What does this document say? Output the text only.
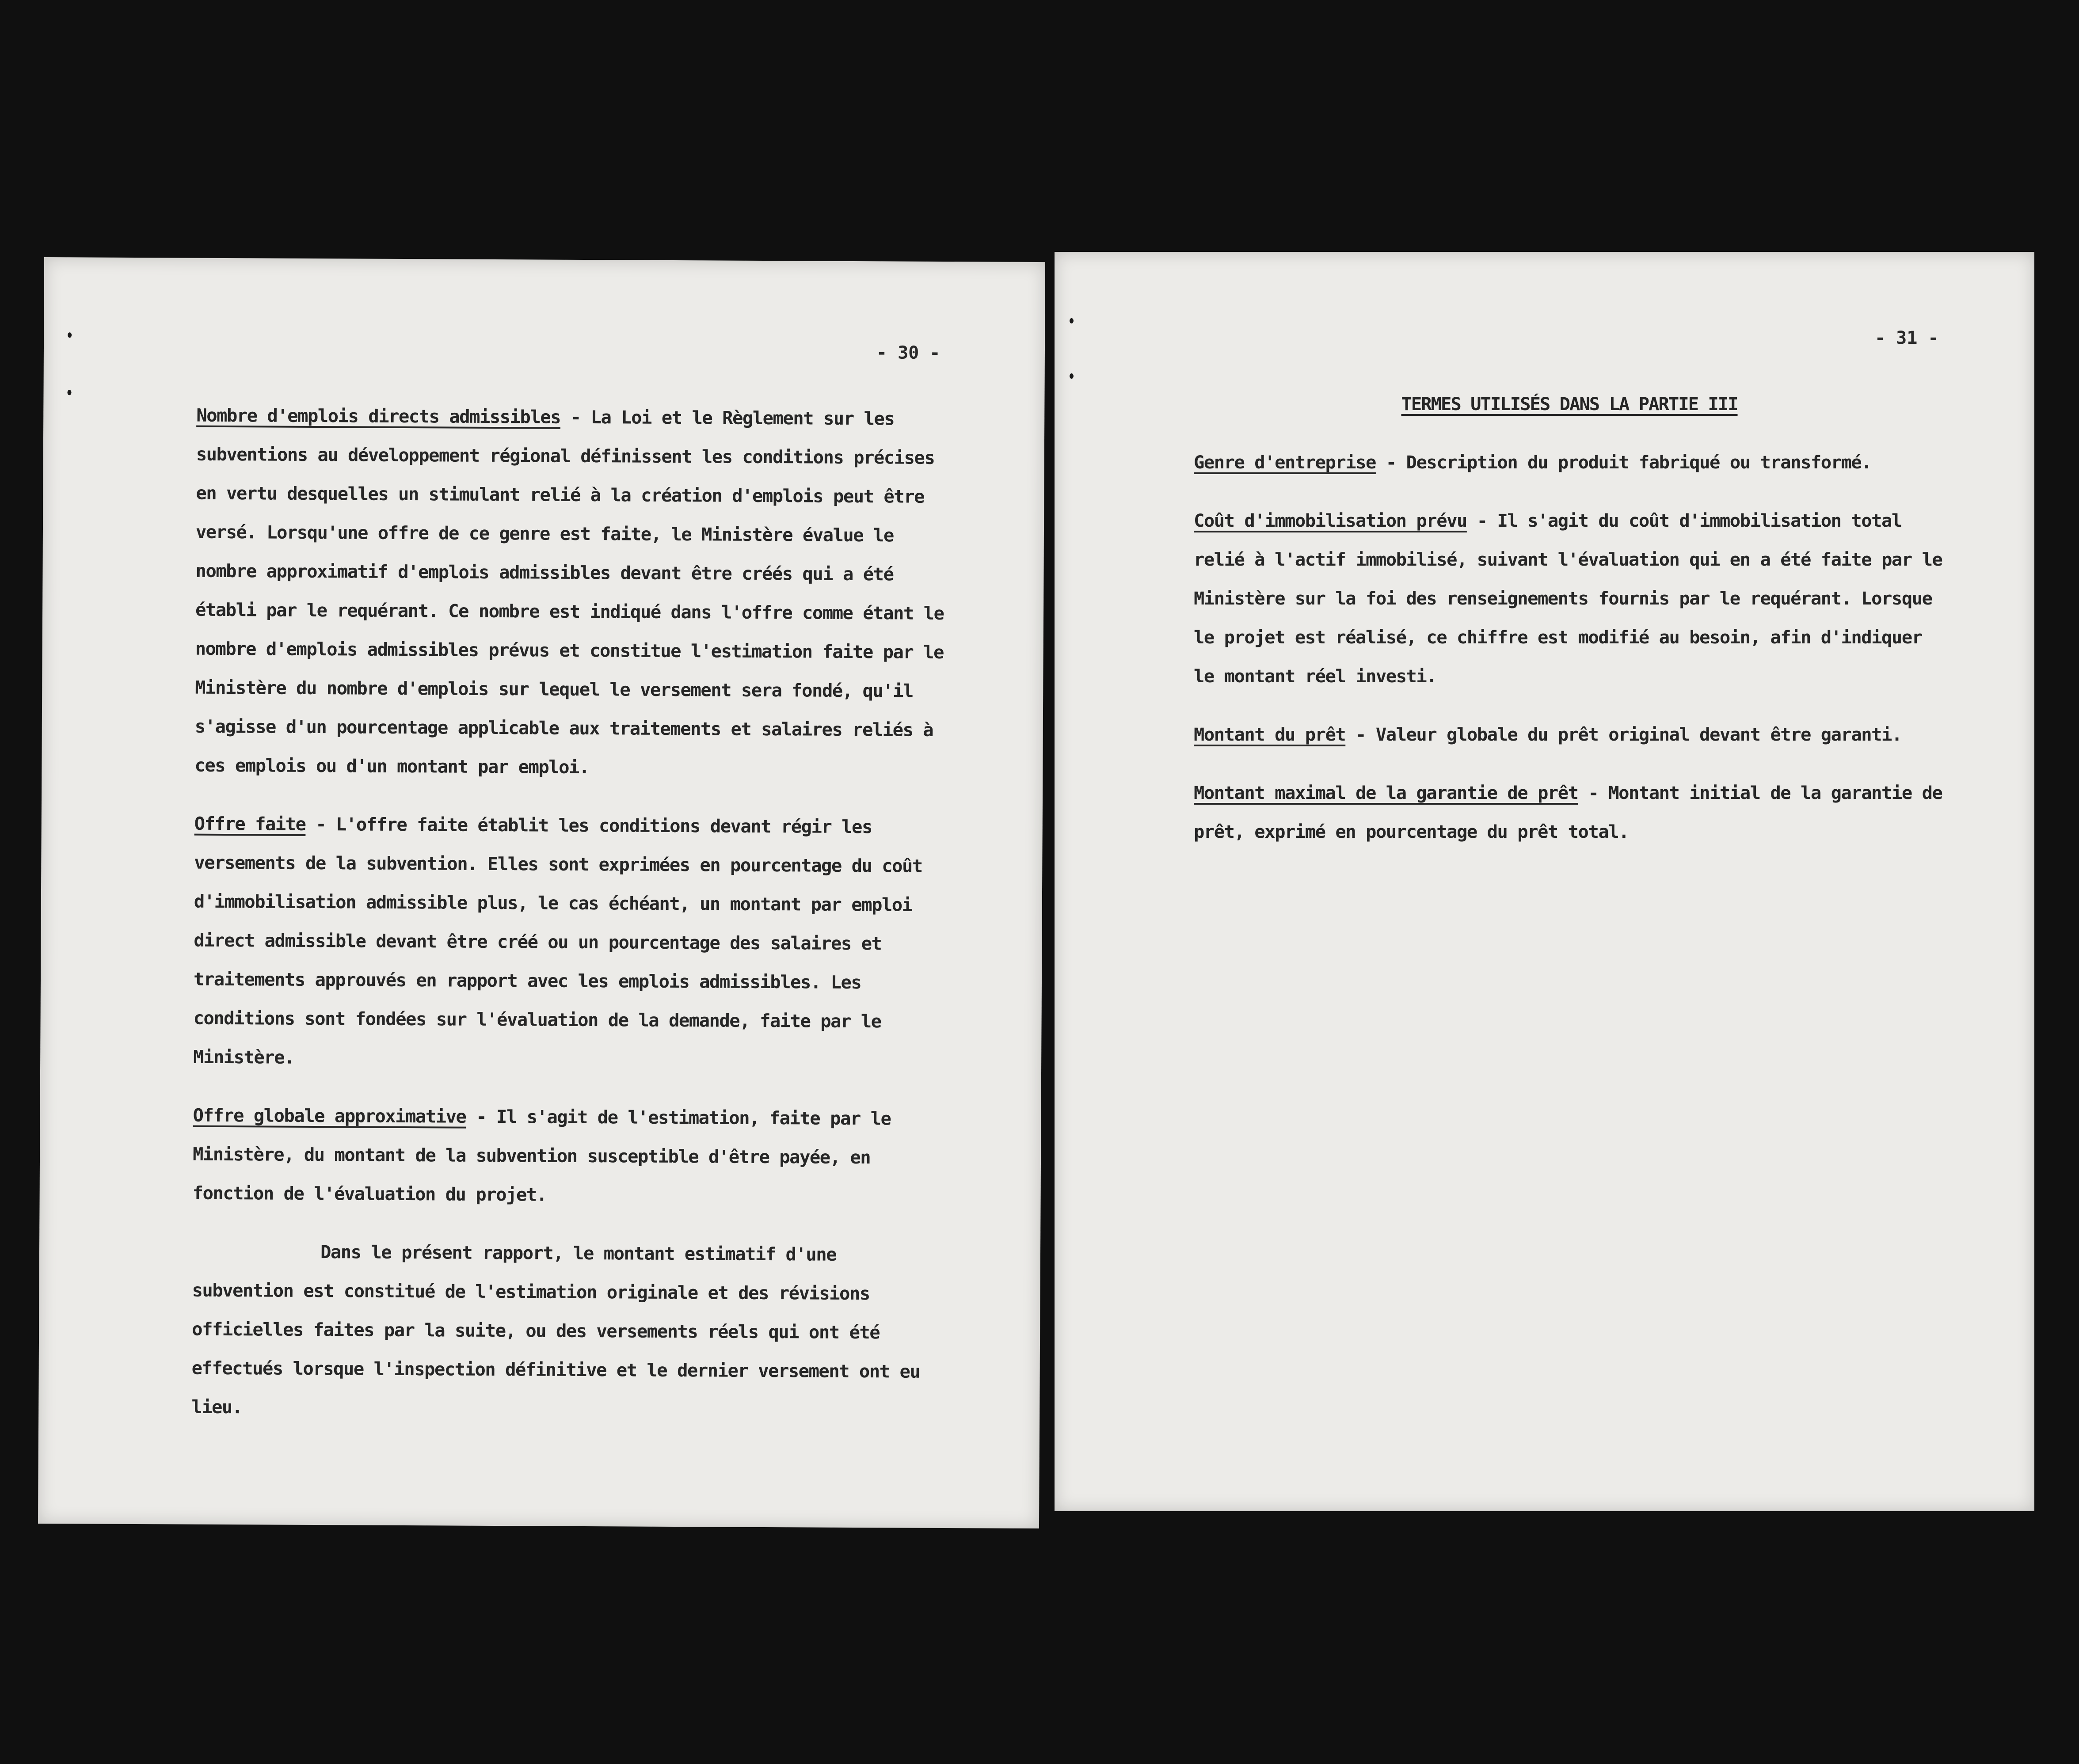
- 30 -

Nombre d'emplois directs admissibles - La Loi et le Règlement sur les subventions au développement régional définissent les conditions précises en vertu desquelles un stimulant relié à la création d'emplois peut être versé. Lorsqu'une offre de ce genre est faite, le Ministère évalue le nombre approximatif d'emplois admissibles devant être créés qui a été établi par le requérant. Ce nombre est indiqué dans l'offre comme étant le nombre d'emplois admissibles prévus et constitue l'estimation faite par le Ministère du nombre d'emplois sur lequel le versement sera fondé, qu'il s'agisse d'un pourcentage applicable aux traitements et salaires reliés à ces emplois ou d'un montant par emploi.

Offre faite - L'offre faite établit les conditions devant régir les versements de la subvention. Elles sont exprimées en pourcentage du coût d'immobilisation admissible plus, le cas échéant, un montant par emploi direct admissible devant être créé ou un pourcentage des salaires et traitements approuvés en rapport avec les emplois admissibles. Les conditions sont fondées sur l'évaluation de la demande, faite par le Ministère.

Offre globale approximative - Il s'agit de l'estimation, faite par le Ministère, du montant de la subvention susceptible d'être payée, en fonction de l'évaluation du projet.

Dans le présent rapport, le montant estimatif d'une subvention est constitué de l'estimation originale et des révisions officielles faites par la suite, ou des versements réels qui ont été effectués lorsque l'inspection définitive et le dernier versement ont eu lieu.

- 31 -
TERMES UTILISÉS DANS LA PARTIE III

Genre d'entreprise - Description du produit fabriqué ou transformé.

Coût d'immobilisation prévu - Il s'agit du coût d'immobilisation total relié à l'actif immobilisé, suivant l'évaluation qui en a été faite par le Ministère sur la foi des renseignements fournis par le requérant. Lorsque le projet est réalisé, ce chiffre est modifié au besoin, afin d'indiquer le montant réel investi.

Montant du prêt - Valeur globale du prêt original devant être garanti.

Montant maximal de la garantie de prêt - Montant initial de la garantie de prêt, exprimé en pourcentage du prêt total.
